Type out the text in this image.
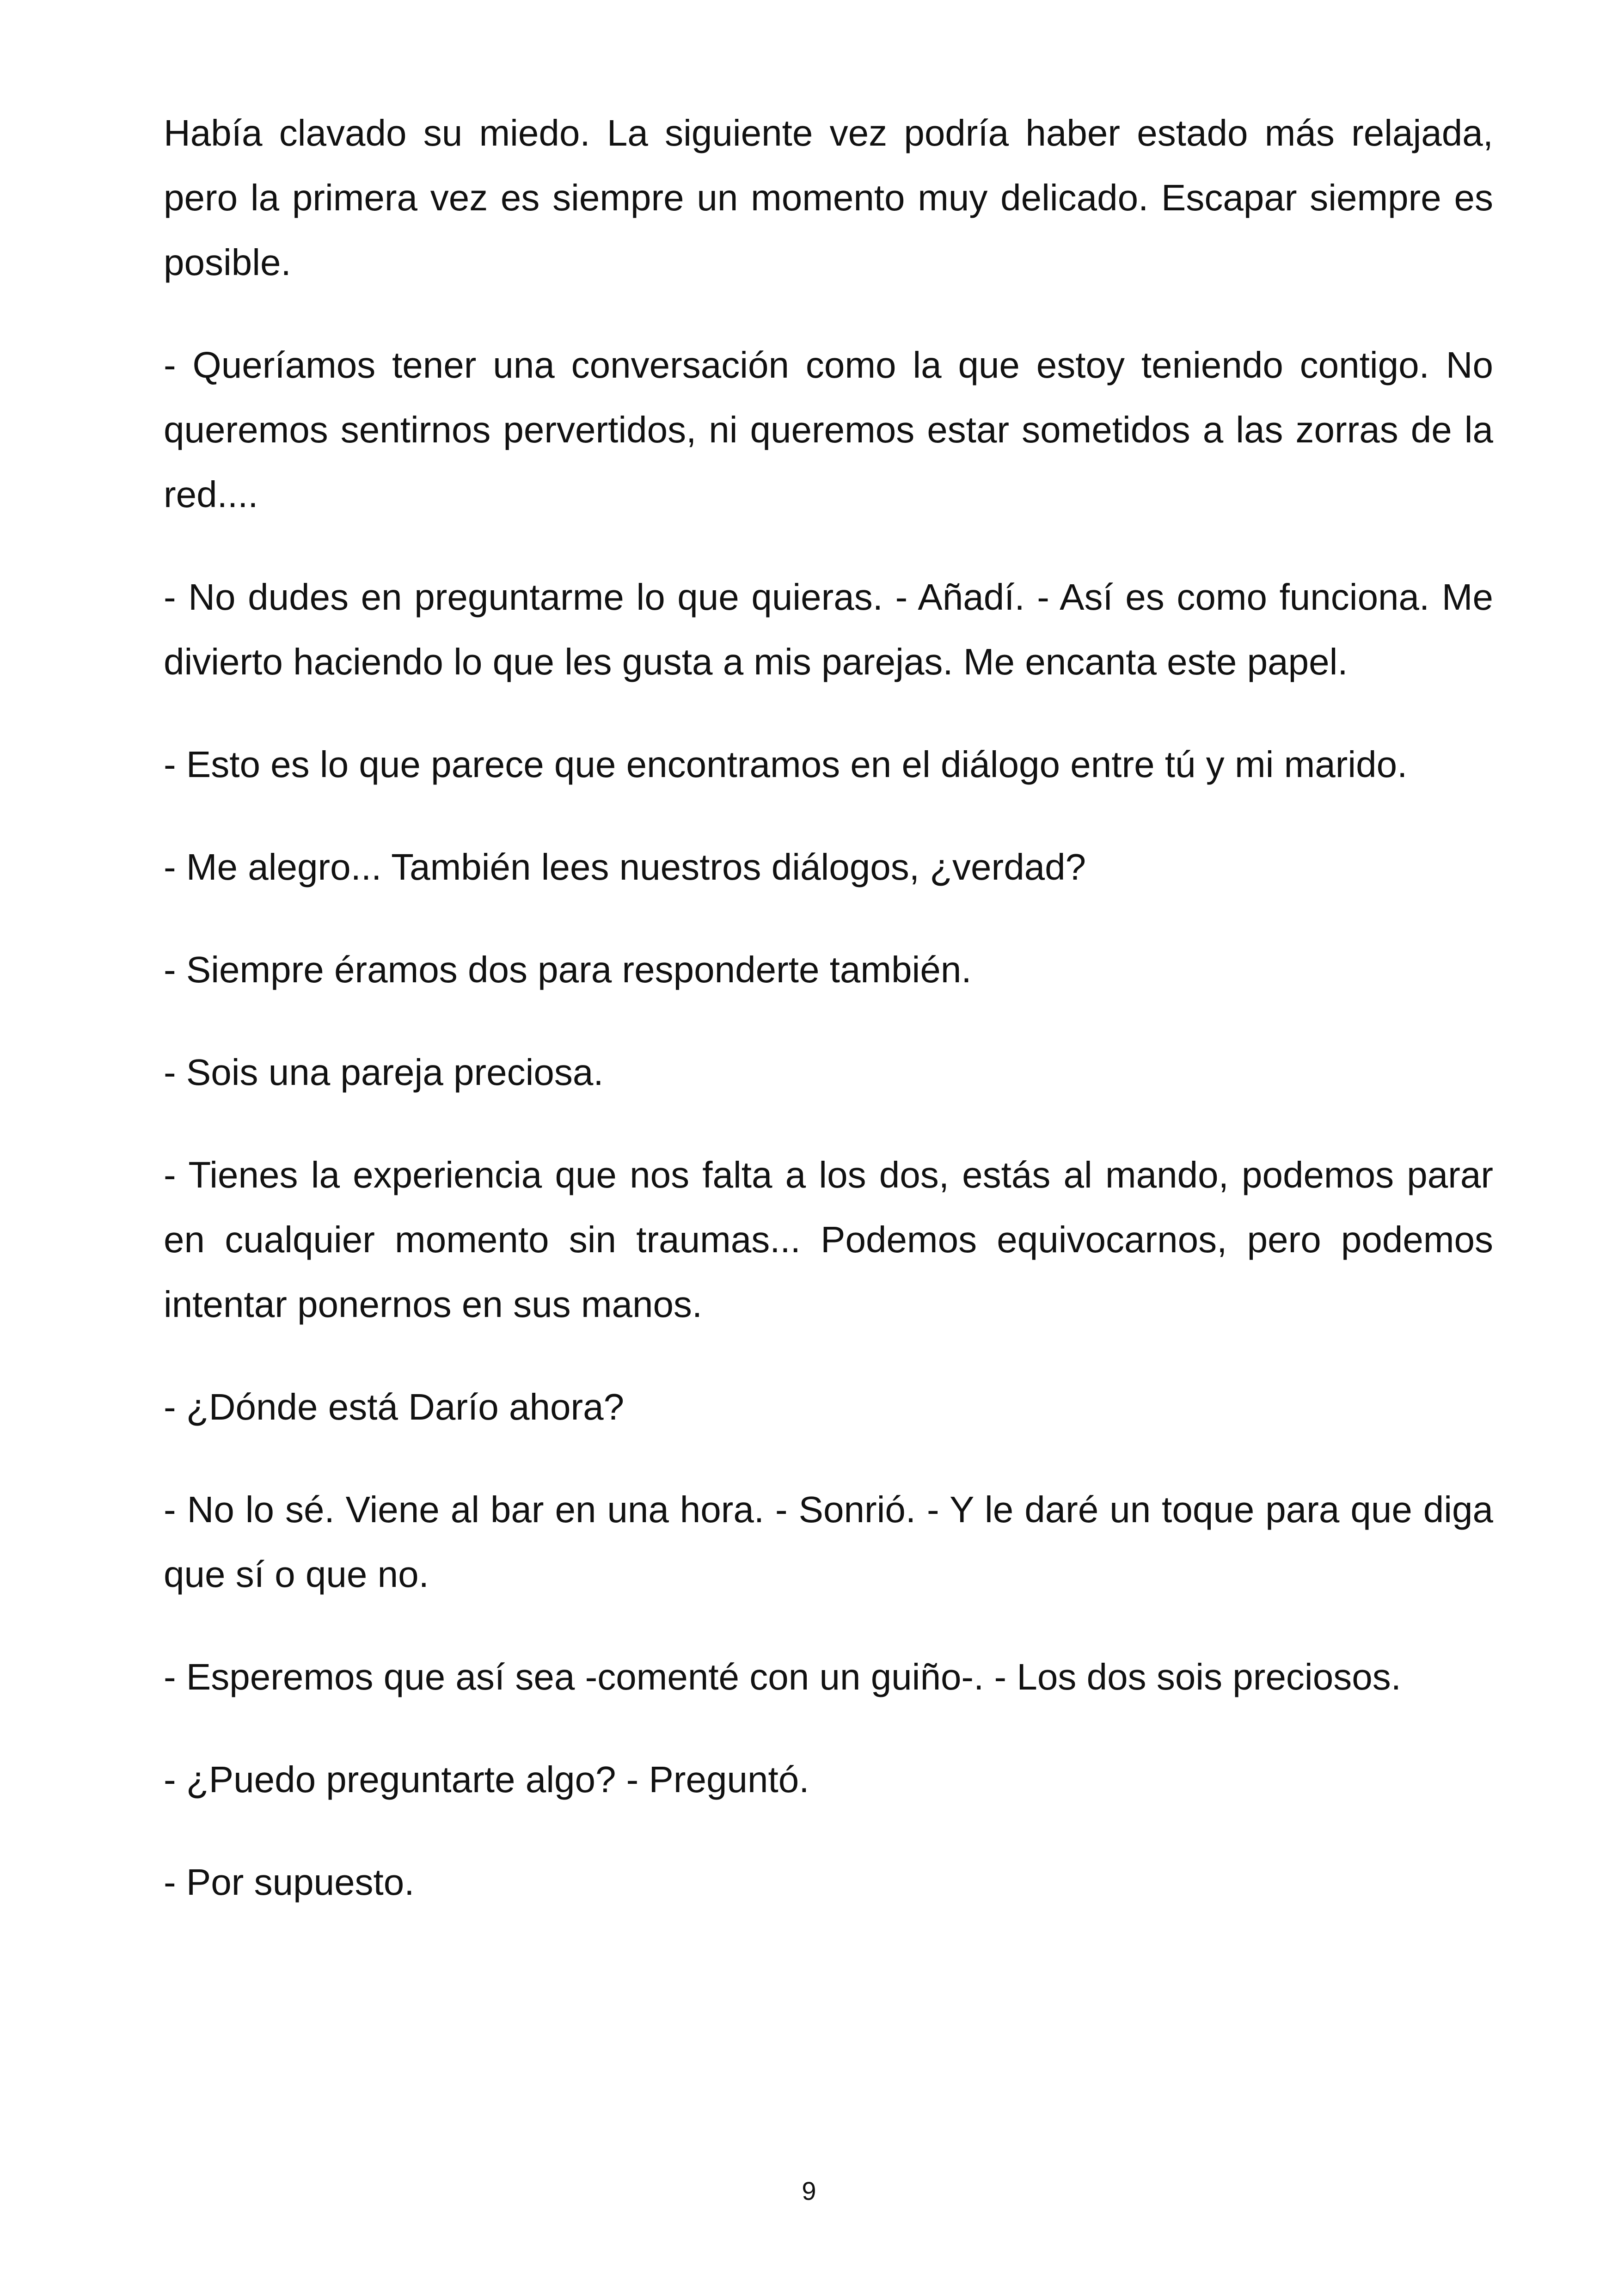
Había clavado su miedo. La siguiente vez podría haber estado más relajada, pero la primera vez es siempre un momento muy delicado. Escapar siempre es posible.

- Queríamos tener una conversación como la que estoy teniendo contigo. No queremos sentirnos pervertidos, ni queremos estar sometidos a las zorras de la red....

- No dudes en preguntarme lo que quieras. - Añadí. - Así es como funciona. Me divierto haciendo lo que les gusta a mis parejas. Me encanta este papel.

- Esto es lo que parece que encontramos en el diálogo entre tú y mi marido.

- Me alegro... También lees nuestros diálogos, ¿verdad?

- Siempre éramos dos para responderte también.

- Sois una pareja preciosa.

- Tienes la experiencia que nos falta a los dos, estás al mando, podemos parar en cualquier momento sin traumas... Podemos equivocarnos, pero podemos intentar ponernos en sus manos.

- ¿Dónde está Darío ahora?

- No lo sé. Viene al bar en una hora. - Sonrió. - Y le daré un toque para que diga que sí o que no.

- Esperemos que así sea -comenté con un guiño-. - Los dos sois preciosos.

- ¿Puedo preguntarte algo? - Preguntó.

- Por supuesto.

9
